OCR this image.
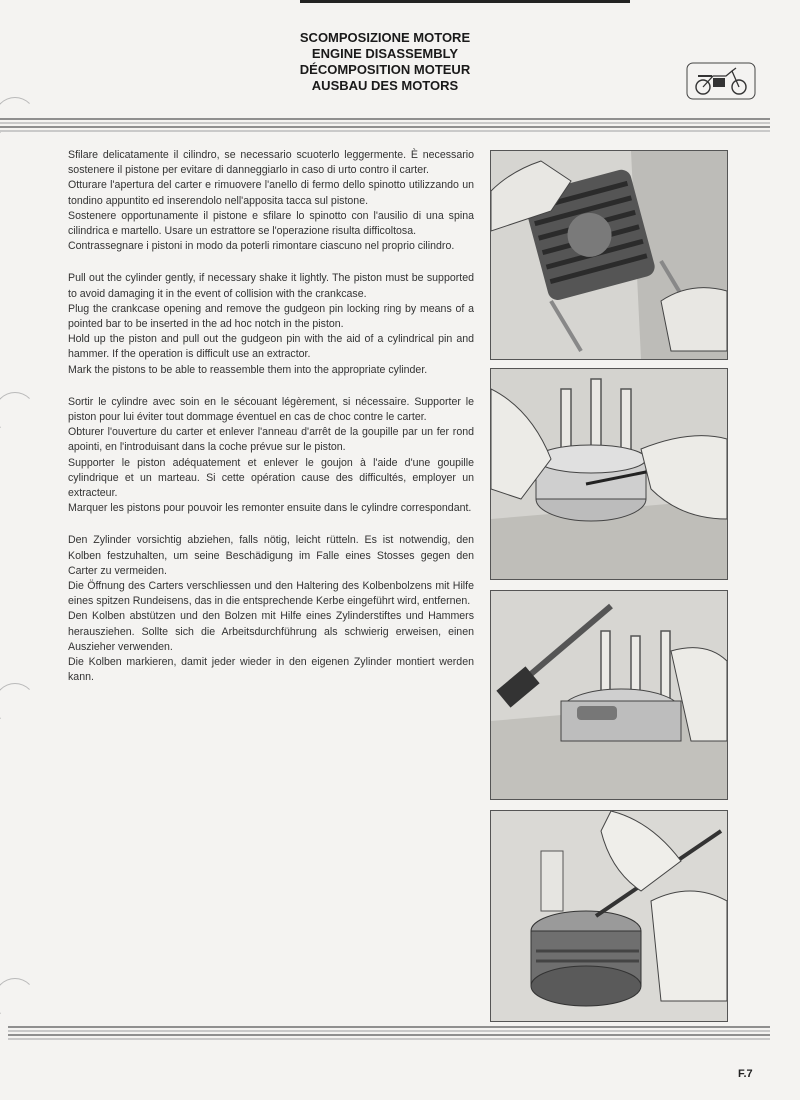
SCOMPOSIZIONE MOTORE
ENGINE DISASSEMBLY
DÉCOMPOSITION MOTEUR
AUSBAU DES MOTORS

Sfilare delicatamente il cilindro, se necessario scuoterlo leggermente. È necessario sostenere il pistone per evitare di danneggiarlo in caso di urto contro il carter.
Otturare l'apertura del carter e rimuovere l'anello di fermo dello spinotto utilizzando un tondino appuntito ed inserendolo nell'apposita tacca sul pistone.
Sostenere opportunamente il pistone e sfilare lo spinotto con l'ausilio di una spina cilindrica e martello. Usare un estrattore se l'operazione risulta difficoltosa.
Contrassegnare i pistoni in modo da poterli rimontare ciascuno nel proprio cilindro.

Pull out the cylinder gently, if necessary shake it lightly. The piston must be supported to avoid damaging it in the event of collision with the crankcase.
Plug the crankcase opening and remove the gudgeon pin locking ring by means of a pointed bar to be inserted in the ad hoc notch in the piston.
Hold up the piston and pull out the gudgeon pin with the aid of a cylindrical pin and hammer. If the operation is difficult use an extractor.
Mark the pistons to be able to reassemble them into the appropriate cylinder.

Sortir le cylindre avec soin en le sécouant légèrement, si nécessaire. Supporter le piston pour lui éviter tout dommage éventuel en cas de choc contre le carter.
Obturer l'ouverture du carter et enlever l'anneau d'arrêt de la goupille par un fer rond apointi, en l'introduisant dans la coche prévue sur le piston.
Supporter le piston adéquatement et enlever le goujon à l'aide d'une goupille cylindrique et un marteau. Si cette opération cause des difficultés, employer un extracteur.
Marquer les pistons pour pouvoir les remonter ensuite dans le cylindre correspondant.

Den Zylinder vorsichtig abziehen, falls nötig, leicht rütteln. Es ist notwendig, den Kolben festzuhalten, um seine Beschädigung im Falle eines Stosses gegen den Carter zu vermeiden.
Die Öffnung des Carters verschliessen und den Haltering des Kolbenbolzens mit Hilfe eines spitzen Rundeisens, das in die entsprechende Kerbe eingeführt wird, entfernen.
Den Kolben abstützen und den Bolzen mit Hilfe eines Zylinderstiftes und Hammers herausziehen. Sollte sich die Arbeitsdurchführung als schwierig erweisen, einen Auszieher verwenden.
Die Kolben markieren, damit jeder wieder in den eigenen Zylinder montiert werden kann.

F.7
